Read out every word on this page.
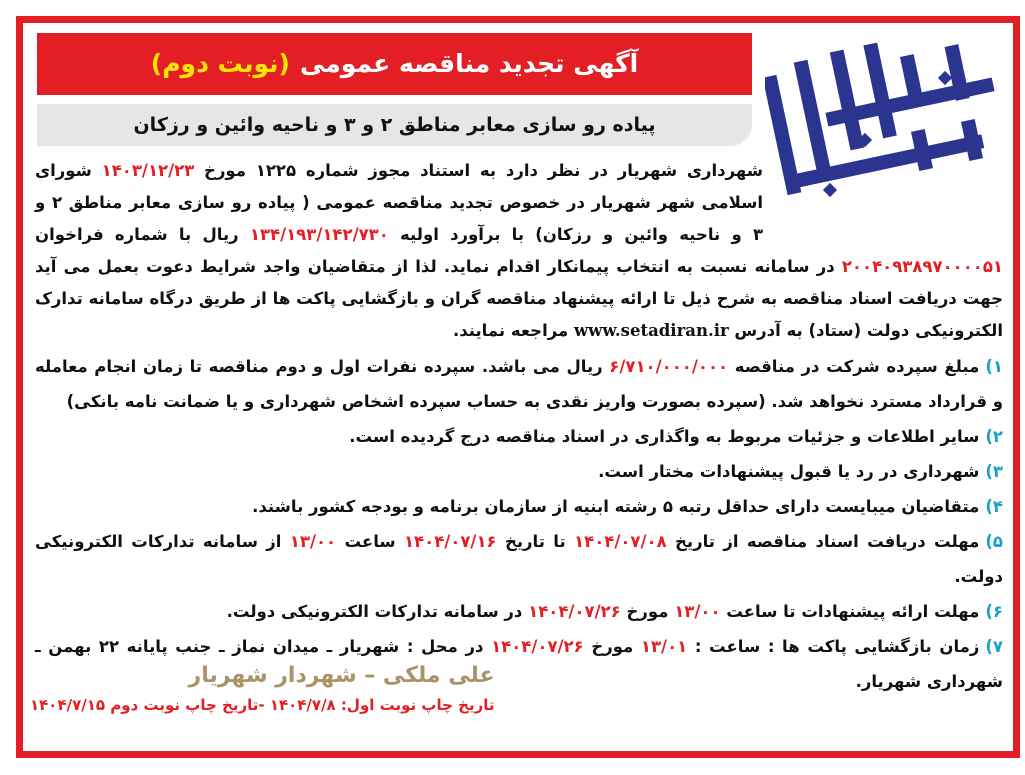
آگهی تجدید مناقصه عمومی(نوبت دوم)
پیاده رو سازی معابر مناطق ۲ و ۳ و ناحیه وائین و رزکان

شهرداری شهریار در نظر دارد به استناد مجوز شماره ۱۲۲۵ مورخ ۱۴۰۳/۱۲/۲۳ شورای اسلامی شهر شهریار در خصوص تجدید مناقصه عمومی ( پیاده رو سازی معابر مناطق ۲ و ۳ و ناحیه وائین و رزکان) با برآورد اولیه ۱۳۴/۱۹۳/۱۴۲/۷۳۰ ریال با شماره فراخوان ۲۰۰۴۰۹۳۸۹۷۰۰۰۰۵۱ در سامانه نسبت به انتخاب پیمانکار اقدام نماید. لذا از متقاضیان واجد شرایط دعوت بعمل می آید جهت دریافت اسناد مناقصه به شرح ذیل تا ارائه پیشنهاد مناقصه گران و بازگشایی پاکت ها از طریق درگاه سامانه تدارک الکترونیکی دولت (ستاد) به آدرس www.setadiran.ir مراجعه نمایند.

۱)مبلغ سپرده شرکت در مناقصه ۶/۷۱۰/۰۰۰/۰۰۰ ریال می باشد. سپرده نفرات اول و دوم مناقصه تا زمان انجام معامله و قرارداد مسترد نخواهد شد. (سپرده بصورت واریز نقدی به حساب سپرده اشخاص شهرداری و یا ضمانت نامه بانکی)
۲)سایر اطلاعات و جزئیات مربوط به واگذاری در اسناد مناقصه درج گردیده است.
۳)شهرداری در رد یا قبول پیشنهادات مختار است.
۴)متقاضیان میبایست دارای حداقل رتبه ۵ رشته ابنیه از سازمان برنامه و بودجه کشور باشند.
۵)مهلت دریافت اسناد مناقصه از تاریخ ۱۴۰۴/۰۷/۰۸ تا تاریخ ۱۴۰۴/۰۷/۱۶ ساعت ۱۳/۰۰ از سامانه تدارکات الکترونیکی دولت.
۶)مهلت ارائه پیشنهادات تا ساعت ۱۳/۰۰ مورخ ۱۴۰۴/۰۷/۲۶ در سامانه تدارکات الکترونیکی دولت.
۷)زمان بازگشایی پاکت ها : ساعت : ۱۳/۰۱ مورخ ۱۴۰۴/۰۷/۲۶ در محل : شهریار ـ میدان نماز ـ جنب پایانه ۲۲ بهمن ـ شهرداری شهریار.
علی ملکی – شهردار شهریار
تاریخ چاپ نوبت اول: ۱۴۰۴/۷/۸ -تاریخ چاپ نوبت دوم ۱۴۰۴/۷/۱۵
